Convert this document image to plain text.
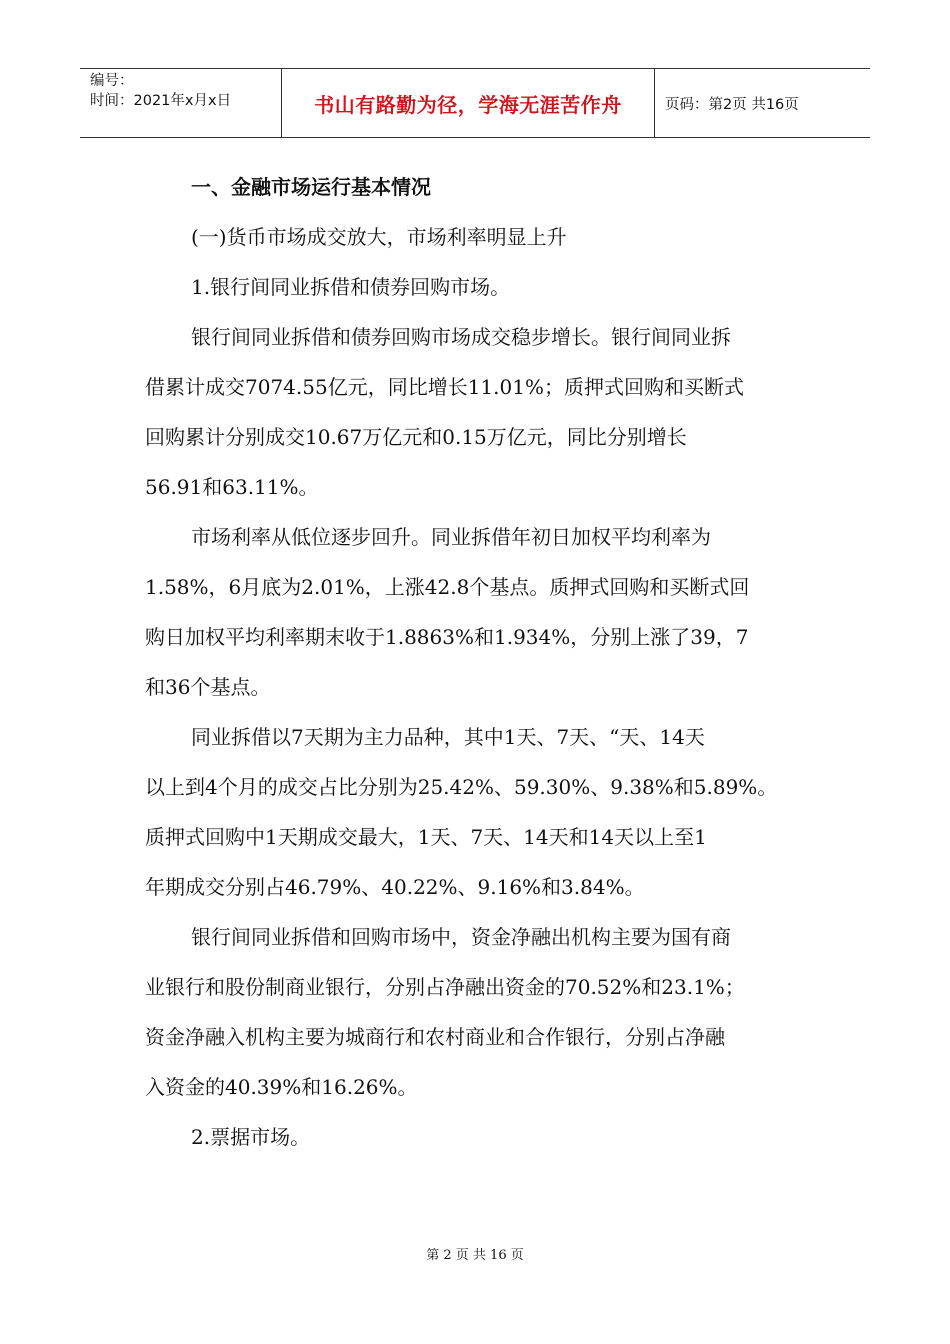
编号：
时间：2021年x月x日	书山有路勤为径，学海无涯苦作舟	页码：第2页 共16页

一、金融市场运行基本情况

(一)货币市场成交放大，市场利率明显上升

1.银行间同业拆借和债券回购市场。

银行间同业拆借和债券回购市场成交稳步增长。银行间同业拆

借累计成交7074.55亿元，同比增长11.01%；质押式回购和买断式

回购累计分别成交10.67万亿元和0.15万亿元，同比分别增长

56.91和63.11%。

市场利率从低位逐步回升。同业拆借年初日加权平均利率为

1.58%，6月底为2.01%，上涨42.8个基点。质押式回购和买断式回

购日加权平均利率期末收于1.8863%和1.934%，分别上涨了39，7

和36个基点。

同业拆借以7天期为主力品种，其中1天、7天、“天、14天

以上到4个月的成交占比分别为25.42%、59.30%、9.38%和5.89%。

质押式回购中1天期成交最大，1天、7天、14天和14天以上至1

年期成交分别占46.79%、40.22%、9.16%和3.84%。

银行间同业拆借和回购市场中，资金净融出机构主要为国有商

业银行和股份制商业银行，分别占净融出资金的70.52%和23.1%；

资金净融入机构主要为城商行和农村商业和合作银行，分别占净融

入资金的40.39%和16.26%。

2.票据市场。

第 2 页 共 16 页
